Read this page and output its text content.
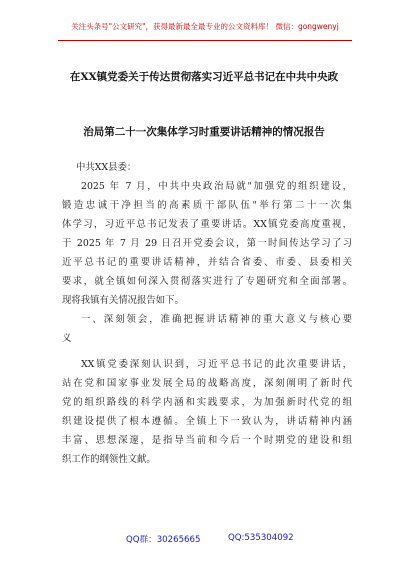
关注头条号"公文研究"，获得最新最全最专业的公文资料库！ 微信：gongwenyj
在XX镇党委关于传达贯彻落实习近平总书记在中共中央政
治局第二十一次集体学习时重要讲话精神的情况报告
中共XX县委：

2025 年 7 月，中共中央政治局就"加强党的组织建设，
锻造忠诚干净担当的高素质干部队伍"举行第二十一次集
体学习，习近平总书记发表了重要讲话。XX镇党委高度重视，
于 2025 年 7 月 29 日召开党委会议，第一时间传达学习了习
近平总书记的重要讲话精神，并结合省委、市委、县委相关
要求，就全镇如何深入贯彻落实进行了专题研究和全面部署。
现将我镇有关情况报告如下。

一、深刻领会，准确把握讲话精神的重大意义与核心要
义

XX镇党委深刻认识到，习近平总书记的此次重要讲话，
站在党和国家事业发展全局的战略高度，深刻阐明了新时代
党的组织路线的科学内涵和实践要求，为加强新时代党的组
织建设提供了根本遵循。全镇上下一致认为，讲话精神内涵
丰富、思想深邃，是指导当前和今后一个时期党的建设和组
织工作的纲领性文献。

QQ群：30265665	QQ:535304092
